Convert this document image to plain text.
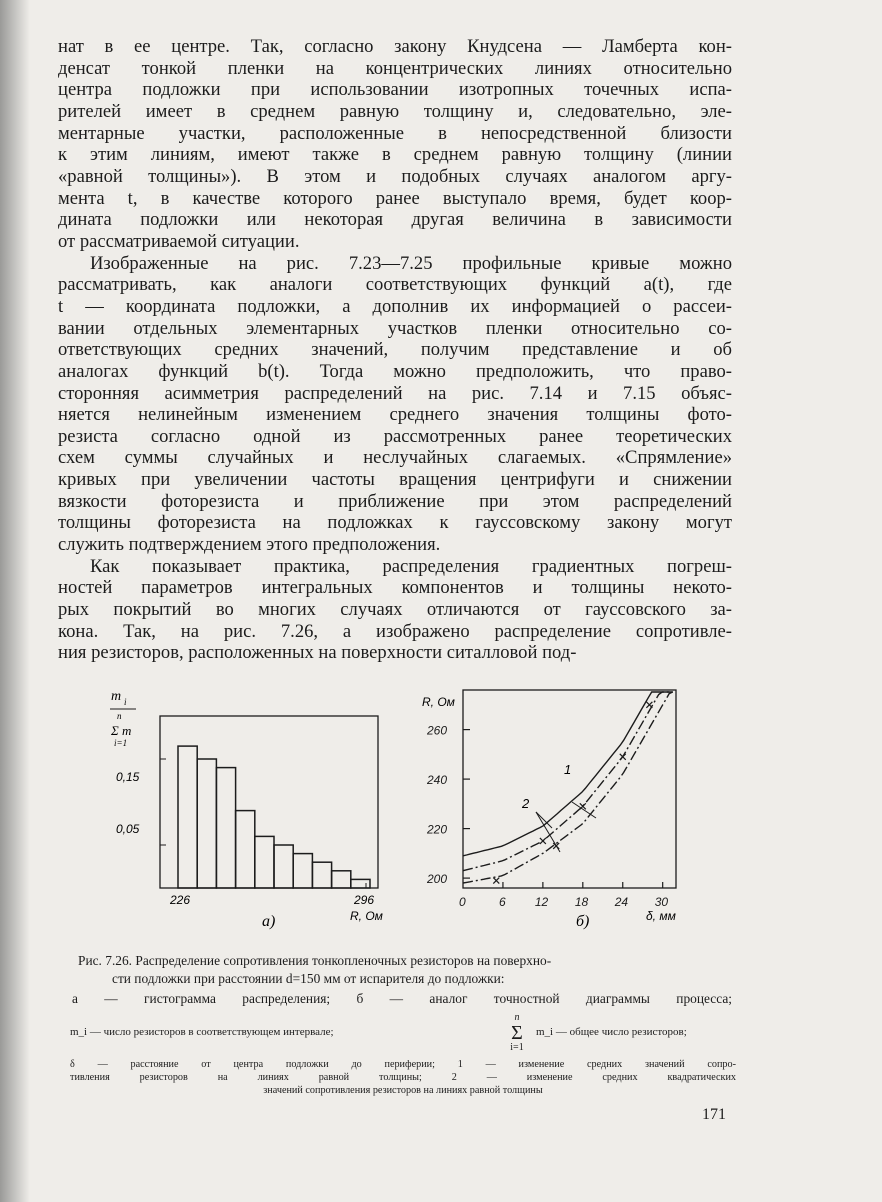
нат в ее центре. Так, согласно закону Кнудсена — Ламберта кон-
денсат тонкой пленки на концентрических линиях относительно
центра подложки при использовании изотропных точечных испа-
рителей имеет в среднем равную толщину и, следовательно, эле-
ментарные участки, расположенные в непосредственной близости
к этим линиям, имеют также в среднем равную толщину (линии
«равной толщины»). В этом и подобных случаях аналогом аргу-
мента t, в качестве которого ранее выступало время, будет коор-
дината подложки или некоторая другая величина в зависимости
от рассматриваемой ситуации.
Изображенные на рис. 7.23—7.25 профильные кривые можно
рассматривать, как аналоги соответствующих функций a(t), где
t — координата подложки, а дополнив их информацией о рассеи-
вании отдельных элементарных участков пленки относительно со-
ответствующих средних значений, получим представление и об
аналогах функций b(t). Тогда можно предположить, что право-
сторонняя асимметрия распределений на рис. 7.14 и 7.15 объяс-
няется нелинейным изменением среднего значения толщины фото-
резиста согласно одной из рассмотренных ранее теоретических
схем суммы случайных и неслучайных слагаемых. «Спрямление»
кривых при увеличении частоты вращения центрифуги и снижении
вязкости фоторезиста и приближение при этом распределений
толщины фоторезиста на подложках к гауссовскому закону могут
служить подтверждением этого предположения.
Как показывает практика, распределения градиентных погреш-
ностей параметров интегральных компонентов и толщины некото-
рых покрытий во многих случаях отличаются от гауссовского за-
кона. Так, на рис. 7.26, а изображено распределение сопротивле-
ния резисторов, расположенных на поверхности ситалловой под-
m i
n
Σ m
i=1
0,15
0,05
226	296
R, Ом
а)
260
240
220
200
0	6 12 18 24 30
R, Ом
1
2
δ, мм
б)

Рис. 7.26. Распределение сопротивления тонкопленочных резисторов на поверхно-
сти подложки при расстоянии d=150 мм от испарителя до подложки:

а — гистограмма распределения; б — аналог точностной диаграммы процесса;
m_i — число резисторов в соответствующем интервале;
n
Σ
i=1
m_i — общее число резисторов;
δ — расстояние от центра подложки до периферии; 1 — изменение средних значений сопро-
тивления резисторов на линиях равной толщины; 2 — изменение средних квадратических
значений сопротивления резисторов на линиях равной толщины
171
